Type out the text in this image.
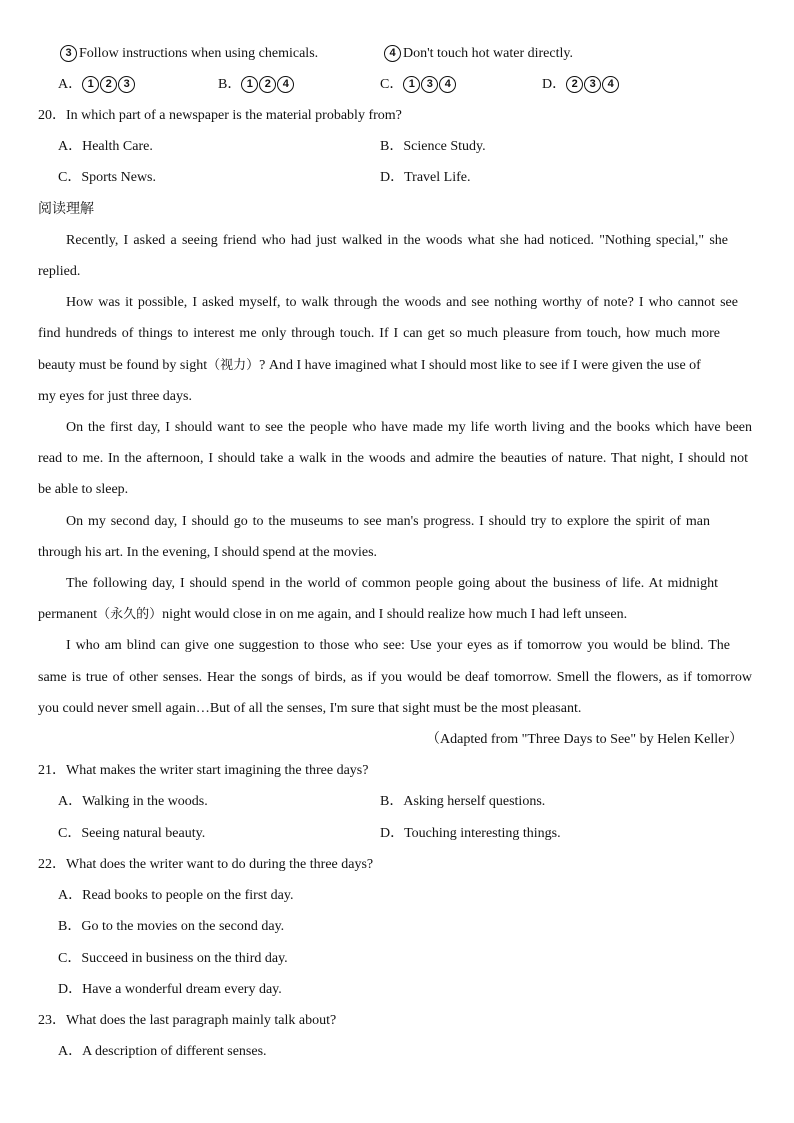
3 Follow instructions when using chemicals.	4 Don't touch hot water directly.
A． 1 2 3	B． 1 2 4	C． 1 3 4	D． 2 3 4
20．In which part of a newspaper is the material probably from?
A．Health Care.	B．Science Study.
C．Sports News.	D．Travel Life.
阅读理解
Recently, I asked a seeing friend who had just walked in the woods what she had noticed. "Nothing special," she
replied.
How was it possible, I asked myself, to walk through the woods and see nothing worthy of note? I who cannot see
find hundreds of things to interest me only through touch. If I can get so much pleasure from touch, how much more
beauty must be found by sight（视力）? And I have imagined what I should most like to see if I were given the use of
my eyes for just three days.
On the first day, I should want to see the people who have made my life worth living and the books which have been
read to me. In the afternoon, I should take a walk in the woods and admire the beauties of nature. That night, I should not
be able to sleep.
On my second day, I should go to the museums to see man's progress. I should try to explore the spirit of man
through his art. In the evening, I should spend at the movies.
The following day, I should spend in the world of common people going about the business of life. At midnight
permanent（永久的）night would close in on me again, and I should realize how much I had left unseen.
I who am blind can give one suggestion to those who see: Use your eyes as if tomorrow you would be blind. The
same is true of other senses. Hear the songs of birds, as if you would be deaf tomorrow. Smell the flowers, as if tomorrow
you could never smell again…But of all the senses, I'm sure that sight must be the most pleasant.
（Adapted from "Three Days to See" by Helen Keller）
21．What makes the writer start imagining the three days?
A．Walking in the woods.	B．Asking herself questions.
C．Seeing natural beauty.	D．Touching interesting things.
22．What does the writer want to do during the three days?
A．Read books to people on the first day.
B．Go to the movies on the second day.
C．Succeed in business on the third day.
D．Have a wonderful dream every day.
23．What does the last paragraph mainly talk about?
A．A description of different senses.
